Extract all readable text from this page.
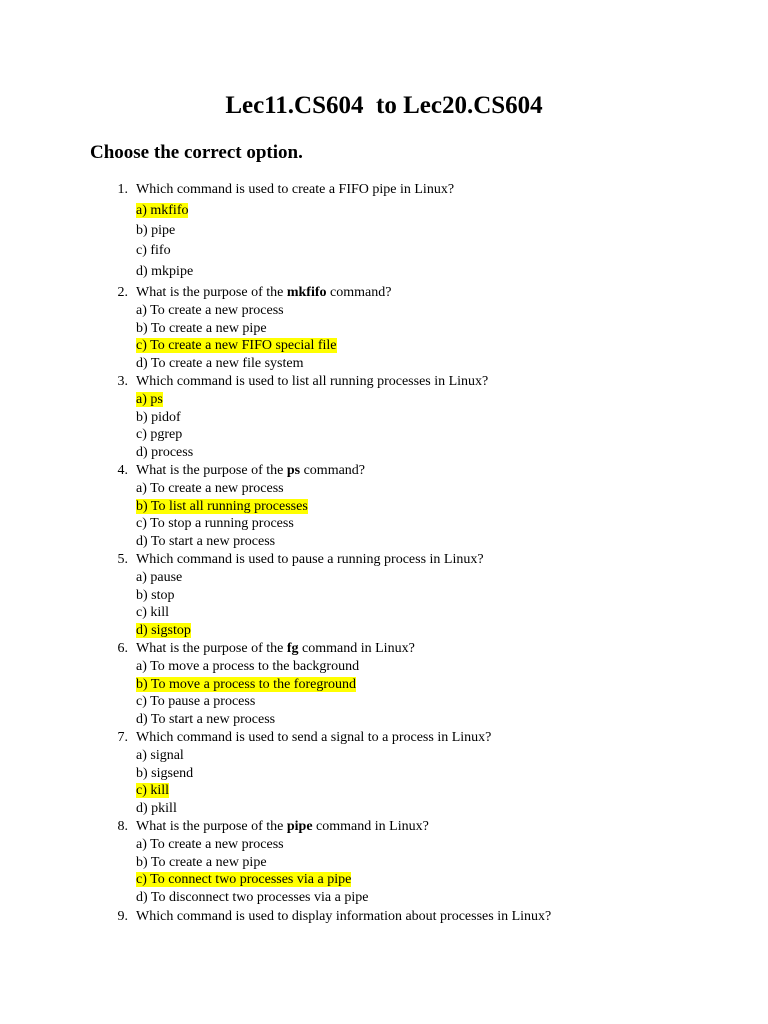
Lec11.CS604  to Lec20.CS604
Choose the correct option.
1. Which command is used to create a FIFO pipe in Linux?
a) mkfifo
b) pipe
c) fifo
d) mkpipe
2. What is the purpose of the mkfifo command?
a) To create a new process
b) To create a new pipe
c) To create a new FIFO special file
d) To create a new file system
3. Which command is used to list all running processes in Linux?
a) ps
b) pidof
c) pgrep
d) process
4. What is the purpose of the ps command?
a) To create a new process
b) To list all running processes
c) To stop a running process
d) To start a new process
5. Which command is used to pause a running process in Linux?
a) pause
b) stop
c) kill
d) sigstop
6. What is the purpose of the fg command in Linux?
a) To move a process to the background
b) To move a process to the foreground
c) To pause a process
d) To start a new process
7. Which command is used to send a signal to a process in Linux?
a) signal
b) sigsend
c) kill
d) pkill
8. What is the purpose of the pipe command in Linux?
a) To create a new process
b) To create a new pipe
c) To connect two processes via a pipe
d) To disconnect two processes via a pipe
9. Which command is used to display information about processes in Linux?
